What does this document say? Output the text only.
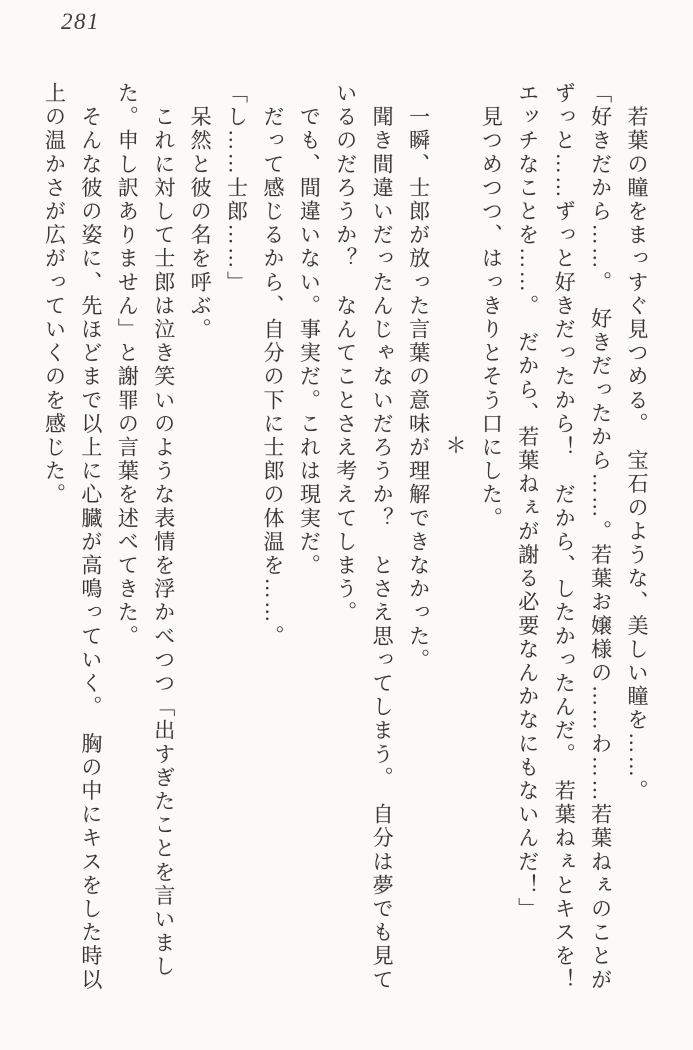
281

　若葉の瞳をまっすぐ見つめる。　宝石のような、美しい瞳を……。

「好きだから……。　好きだったから……。若葉お嬢様の……わ……若葉ねぇのことが

ずっと……ずっと好きだったから！　だから、したかったんだ。　若葉ねぇとキスを！

エッチなことを……。　だから、若葉ねぇが謝る必要なんかなにもないんだ！」

　見つめつつ、はっきりとそう口にした。

＊

　一瞬、士郎が放った言葉の意味が理解できなかった。

　聞き間違いだったんじゃないだろうか？　とさえ思ってしまう。　自分は夢でも見て

いるのだろうか？　なんてことさえ考えてしまう。

　でも、間違いない。事実だ。これは現実だ。

　だって感じるから、自分の下に士郎の体温を……。

「し……士郎……」

　呆然と彼の名を呼ぶ。

　これに対して士郎は泣き笑いのような表情を浮かべつつ「出すぎたことを言いまし

た。申し訳ありません」と謝罪の言葉を述べてきた。

　そんな彼の姿に、先ほどまで以上に心臓が高鳴っていく。　胸の中にキスをした時以

上の温かさが広がっていくのを感じた。
